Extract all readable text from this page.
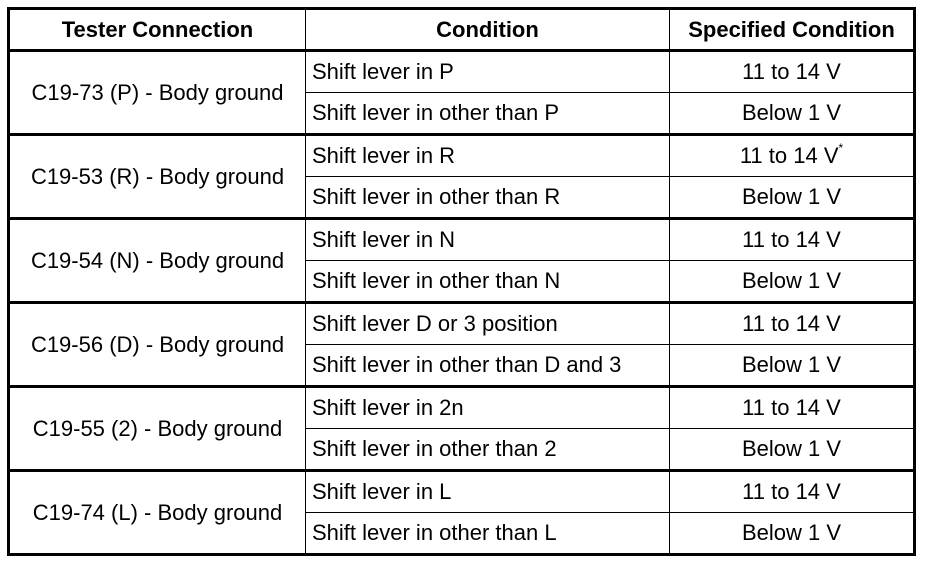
Tester Connection	Condition	Specified Condition
C19-73 (P) - Body ground	Shift lever in P	11 to 14 V
	Shift lever in other than P	Below 1 V
C19-53 (R) - Body ground	Shift lever in R	11 to 14 V*
	Shift lever in other than R	Below 1 V
C19-54 (N) - Body ground	Shift lever in N	11 to 14 V
	Shift lever in other than N	Below 1 V
C19-56 (D) - Body ground	Shift lever D or 3 position	11 to 14 V
	Shift lever in other than D and 3	Below 1 V
C19-55 (2) - Body ground	Shift lever in 2n	11 to 14 V
	Shift lever in other than 2	Below 1 V
C19-74 (L) - Body ground	Shift lever in L	11 to 14 V
	Shift lever in other than L	Below 1 V
